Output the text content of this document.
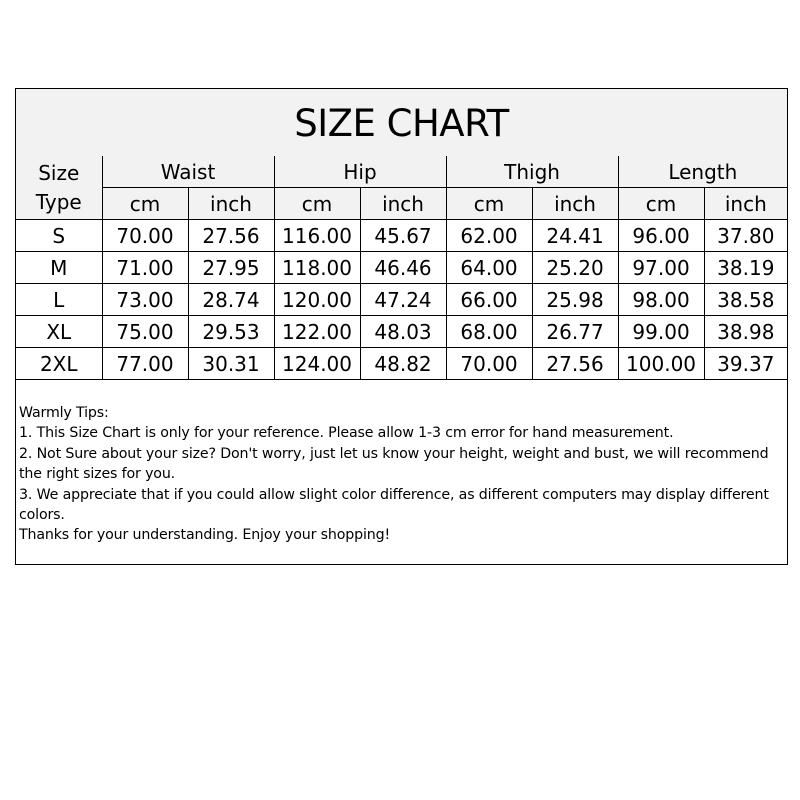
SIZE CHART
Size
Type	Waist		Hip		Thigh		Length	
	cm	inch	cm	inch	cm	inch	cm	inch
S	70.00	27.56	116.00	45.67	62.00	24.41	96.00	37.80
M	71.00	27.95	118.00	46.46	64.00	25.20	97.00	38.19
L	73.00	28.74	120.00	47.24	66.00	25.98	98.00	38.58
XL	75.00	29.53	122.00	48.03	68.00	26.77	99.00	38.98
2XL	77.00	30.31	124.00	48.82	70.00	27.56	100.00	39.37
Warmly Tips:
1. This Size Chart is only for your reference. Please allow 1-3 cm error for hand measurement.
2. Not Sure about your size? Don't worry, just let us know your height, weight and bust, we will recommend the right sizes for you.
3. We appreciate that if you could allow slight color difference, as different computers may display different colors.
Thanks for your understanding. Enjoy your shopping!
